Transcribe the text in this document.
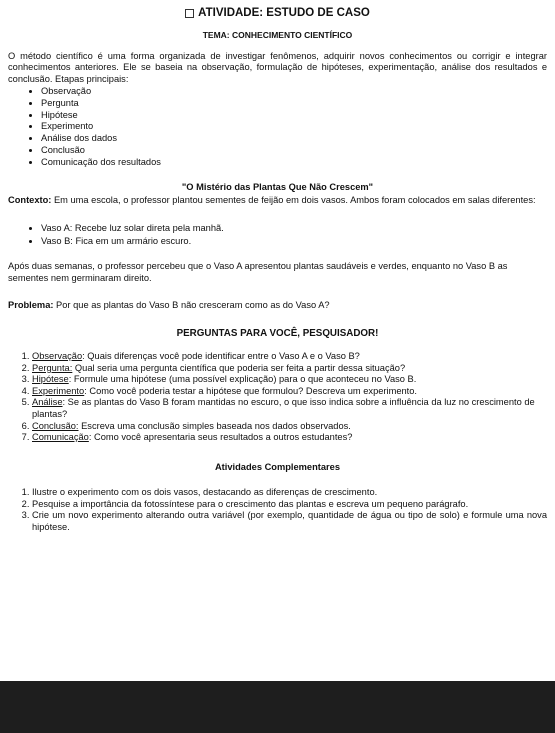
ATIVIDADE: ESTUDO DE CASO
TEMA: CONHECIMENTO CIENTÍFICO

O método científico é uma forma organizada de investigar fenômenos, adquirir novos conhecimentos ou corrigir e integrar conhecimentos anteriores. Ele se baseia na observação, formulação de hipóteses, experimentação, análise dos resultados e conclusão. Etapas principais:

• Observação
• Pergunta
• Hipótese
• Experimento
• Análise dos dados
• Conclusão
• Comunicação dos resultados
"O Mistério das Plantas Que Não Crescem"

Contexto: Em uma escola, o professor plantou sementes de feijão em dois vasos. Ambos foram colocados em salas diferentes:

• Vaso A: Recebe luz solar direta pela manhã.
• Vaso B: Fica em um armário escuro.

Após duas semanas, o professor percebeu que o Vaso A apresentou plantas saudáveis e verdes, enquanto no Vaso B as sementes nem germinaram direito.

Problema: Por que as plantas do Vaso B não cresceram como as do Vaso A?

PERGUNTAS PARA VOCÊ, PESQUISADOR!
1. Observação: Quais diferenças você pode identificar entre o Vaso A e o Vaso B?
2. Pergunta: Qual seria uma pergunta científica que poderia ser feita a partir dessa situação?
3. Hipótese: Formule uma hipótese (uma possível explicação) para o que aconteceu no Vaso B.
4. Experimento: Como você poderia testar a hipótese que formulou? Descreva um experimento.
5. Análise: Se as plantas do Vaso B foram mantidas no escuro, o que isso indica sobre a influência da luz no crescimento de plantas?
6. Conclusão: Escreva uma conclusão simples baseada nos dados observados.
7. Comunicação: Como você apresentaria seus resultados a outros estudantes?
Atividades Complementares
1. Ilustre o experimento com os dois vasos, destacando as diferenças de crescimento.
2. Pesquise a importância da fotossíntese para o crescimento das plantas e escreva um pequeno parágrafo.
3. Crie um novo experimento alterando outra variável (por exemplo, quantidade de água ou tipo de solo) e formule uma nova hipótese.
